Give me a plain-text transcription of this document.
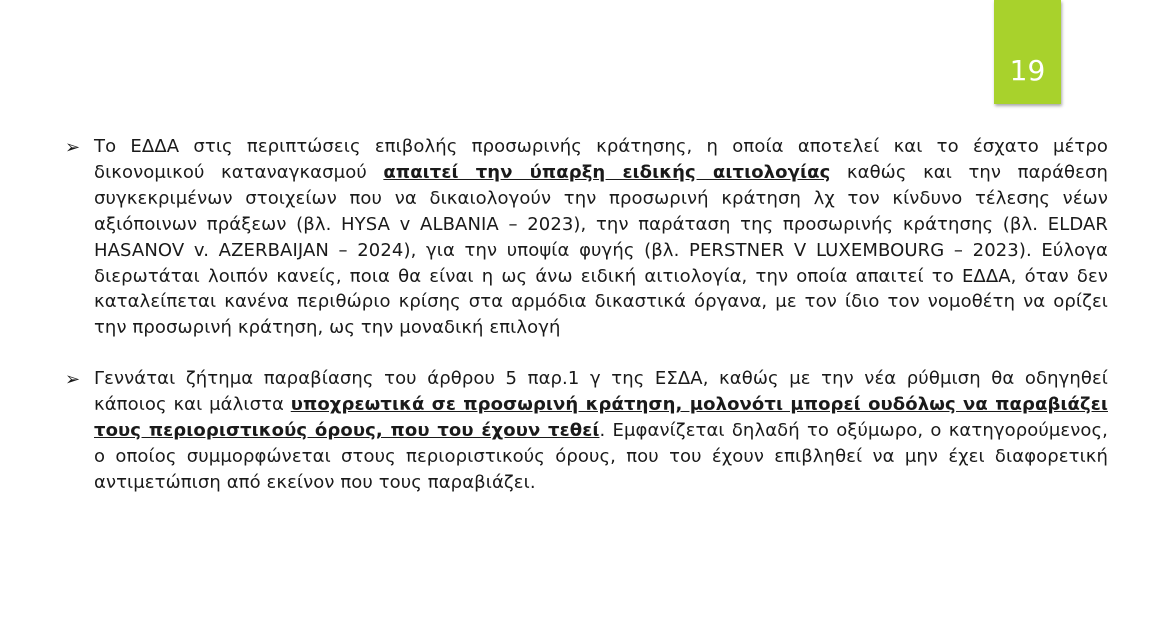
19
➢ Το ΕΔΔΑ στις περιπτώσεις επιβολής προσωρινής κράτησης, η οποία αποτελεί και το έσχατο μέτρο δικονομικού καταναγκασμού απαιτεί την ύπαρξη ειδικής αιτιολογίας καθώς και την παράθεση συγκεκριμένων στοιχείων που να δικαιολογούν την προσωρινή κράτηση λχ τον κίνδυνο τέλεσης νέων αξιόποινων πράξεων (βλ. HYSA v ALBANIA – 2023), την παράταση της προσωρινής κράτησης (βλ. ELDAR HASANOV v. AZERBAIJAN – 2024), για την υποψία φυγής (βλ. PERSTNER V LUXEMBOURG – 2023). Εύλογα διερωτάται λοιπόν κανείς, ποια θα είναι η ως άνω ειδική αιτιολογία, την οποία απαιτεί το ΕΔΔΑ, όταν δεν καταλείπεται κανένα περιθώριο κρίσης στα αρμόδια δικαστικά όργανα, με τον ίδιο τον νομοθέτη να ορίζει την προσωρινή κράτηση, ως την μοναδική επιλογή
➢ Γεννάται ζήτημα παραβίασης του άρθρου 5 παρ.1 γ της ΕΣΔΑ, καθώς με την νέα ρύθμιση θα οδηγηθεί κάποιος και μάλιστα υποχρεωτικά σε προσωρινή κράτηση, μολονότι μπορεί ουδόλως να παραβιάζει τους περιοριστικούς όρους, που του έχουν τεθεί. Εμφανίζεται δηλαδή το οξύμωρο, ο κατηγορούμενος, ο οποίος συμμορφώνεται στους περιοριστικούς όρους, που του έχουν επιβληθεί να μην έχει διαφορετική αντιμετώπιση από εκείνον που τους παραβιάζει.
